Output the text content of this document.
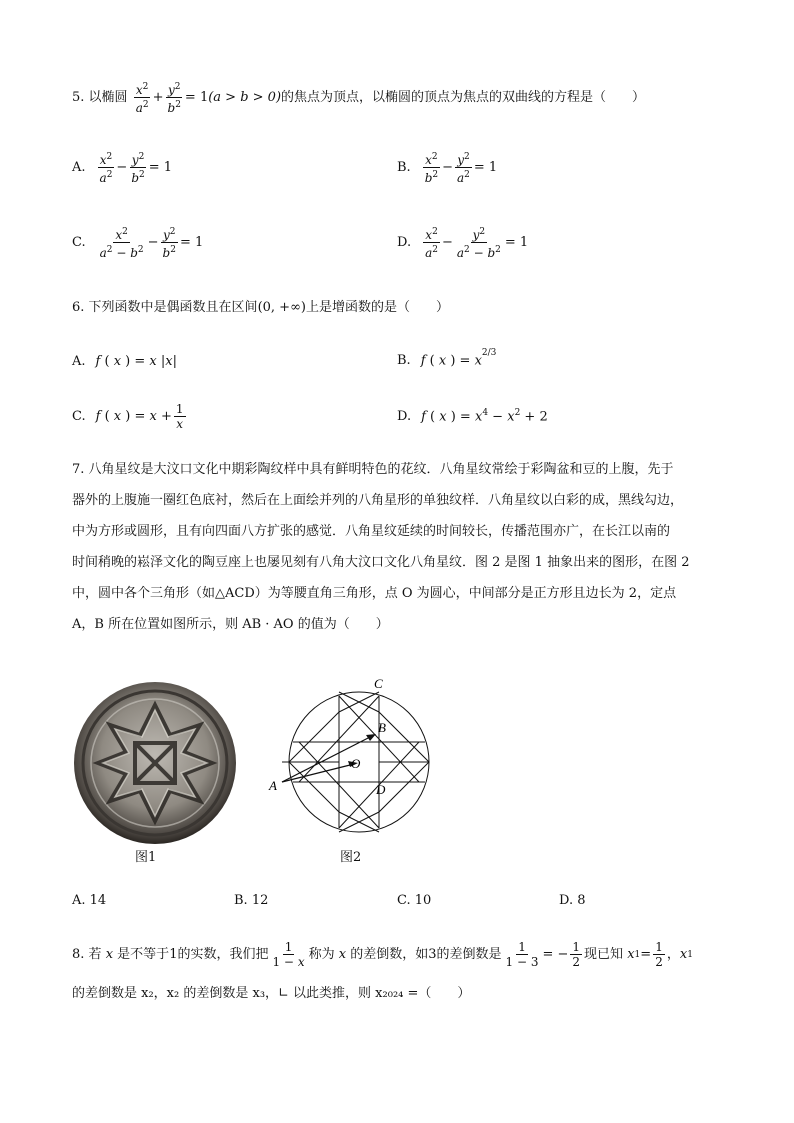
5. 以椭圆 $\frac{x^2}{a^2} + \frac{y^2}{b^2} = 1(a > b > 0)$的焦点为顶点，以椭圆的顶点为焦点的双曲线的方程是（　　）
A. $\frac{x^2}{a^2} - \frac{y^2}{b^2} = 1$	B. $\frac{x^2}{b^2} - \frac{y^2}{a^2} = 1$
C. $\frac{x^2}{a^2 - b^2} - \frac{y^2}{b^2} = 1$	D. $\frac{x^2}{a^2} - \frac{y^2}{a^2 - b^2} = 1$
6. 下列函数中是偶函数且在区间(0, +∞)上是增函数的是（　　）
A. f ( x ) = x |x|	B. f ( x ) = $x^{2/3}$
C. f ( x ) = $x + \frac{1}{x}$	D. f ( x ) = $x^4 - x^2 + 2$
7. 八角星纹是大汶口文化中期彩陶纹样中具有鲜明特色的花纹．八角星纹常绘于彩陶盆和豆的上腹，先于
器外的上腹施一圈红色底衬，然后在上面绘并列的八角星形的单独纹样．八角星纹以白彩的成，黑线勾边，
中为方形或圆形，且有向四面八方扩张的感觉．八角星纹延续的时间较长，传播范围亦广，在长江以南的
时间稍晚的崧泽文化的陶豆座上也屡见刻有八角大汶口文化八角星纹．图 2 是图 1 抽象出来的图形，在图 2
中，圆中各个三角形（如△ACD）为等腰直角三角形，点 O 为圆心，中间部分是正方形且边长为 2，定点
A，B 所在位置如图所示，则 AB · AO 的值为（　　）
A
B
C
D
O
图1	图2
A. 14	B. 12	C. 10	D. 8
8.
若 x 是不等于 1 的实数，我们把 $\frac{1}{1 - x}$ 称为 x 的差倒数，如 3 的差倒数是 $\frac{1}{1 - 3}$ = − $\frac{1}{2}$ 现已知
x $1 = \frac{1}{2}$ ， x 1
的差倒数是 x₂，x₂ 的差倒数是 x₃，∟ 以此类推，则 x₂₀₂₄ =（　　）
